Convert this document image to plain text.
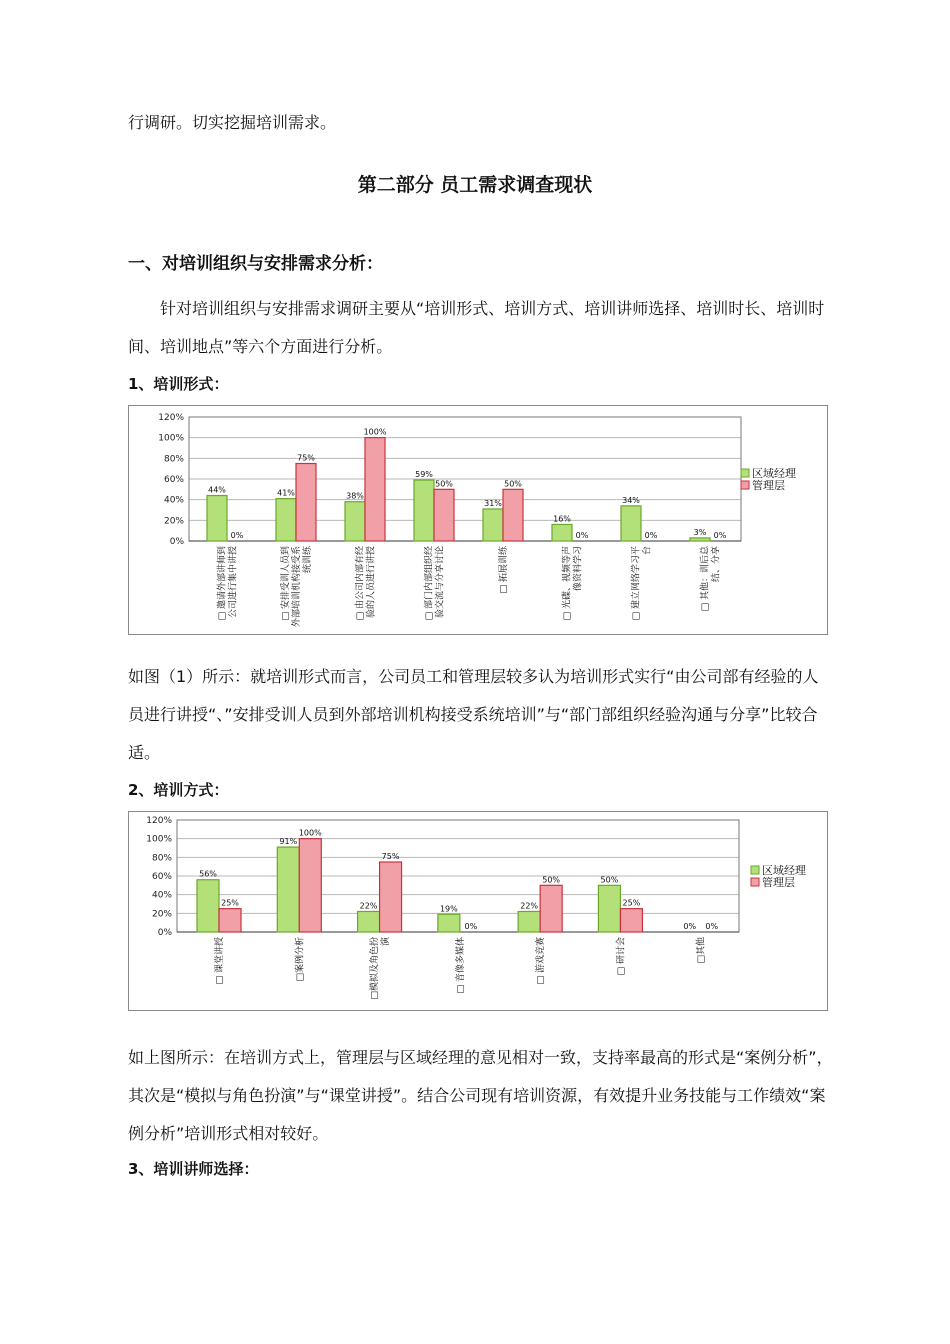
行调研。切实挖掘培训需求。

第二部分 员工需求调查现状
一、对培训组织与安排需求分析：

针对培训组织与安排需求调研主要从“培训形式、培训方式、培训讲师选择、培训时长、培训时间、培训地点”等六个方面进行分析。

1、培训形式：
0%
20%
40%
60%
80%
100%
120%
44%
0%
□ 邀请外部讲师到 公司进行集中讲授
41%
75%
□ 安排受训人员到 外部培训机构接受系 统训练
38%
100%
□ 由公司内部有经 验的人员进行讲授
59%
50%
□ 部门内部组织经 验交流与分享讨论
31%
50%
□ 拓展训练
16%
0%
□ 光碟、视频等声 像资料学习
34%
0%
□ 建立网络学习平 台
3% 0%
□ 其他：训后总 结、分享
区域经理
管理层

如图（1）所示：就培训形式而言，公司员工和管理层较多认为培训形式实行“由公司部有经验的人员进行讲授“、”安排受训人员到外部培训机构接受系统培训”与“部门部组织经验沟通与分享”比较合适。

2、培训方式：
0%
20%
40%
60%
80%
100%
120%
56%
25%
□ 课堂讲授
91%
100%
□案例分析
22%
75%
□模拟及角色扮 演
19%
0%
□ 音像多媒体
22%
50%
□ 游戏竞赛
50%
25%
□ 研讨会
0% 0%
□其他
区域经理
管理层

如上图所示：在培训方式上，管理层与区域经理的意见相对一致，支持率最高的形式是“案例分析”，其次是“模拟与角色扮演”与“课堂讲授”。结合公司现有培训资源，有效提升业务技能与工作绩效“案例分析”培训形式相对较好。

3、培训讲师选择：
